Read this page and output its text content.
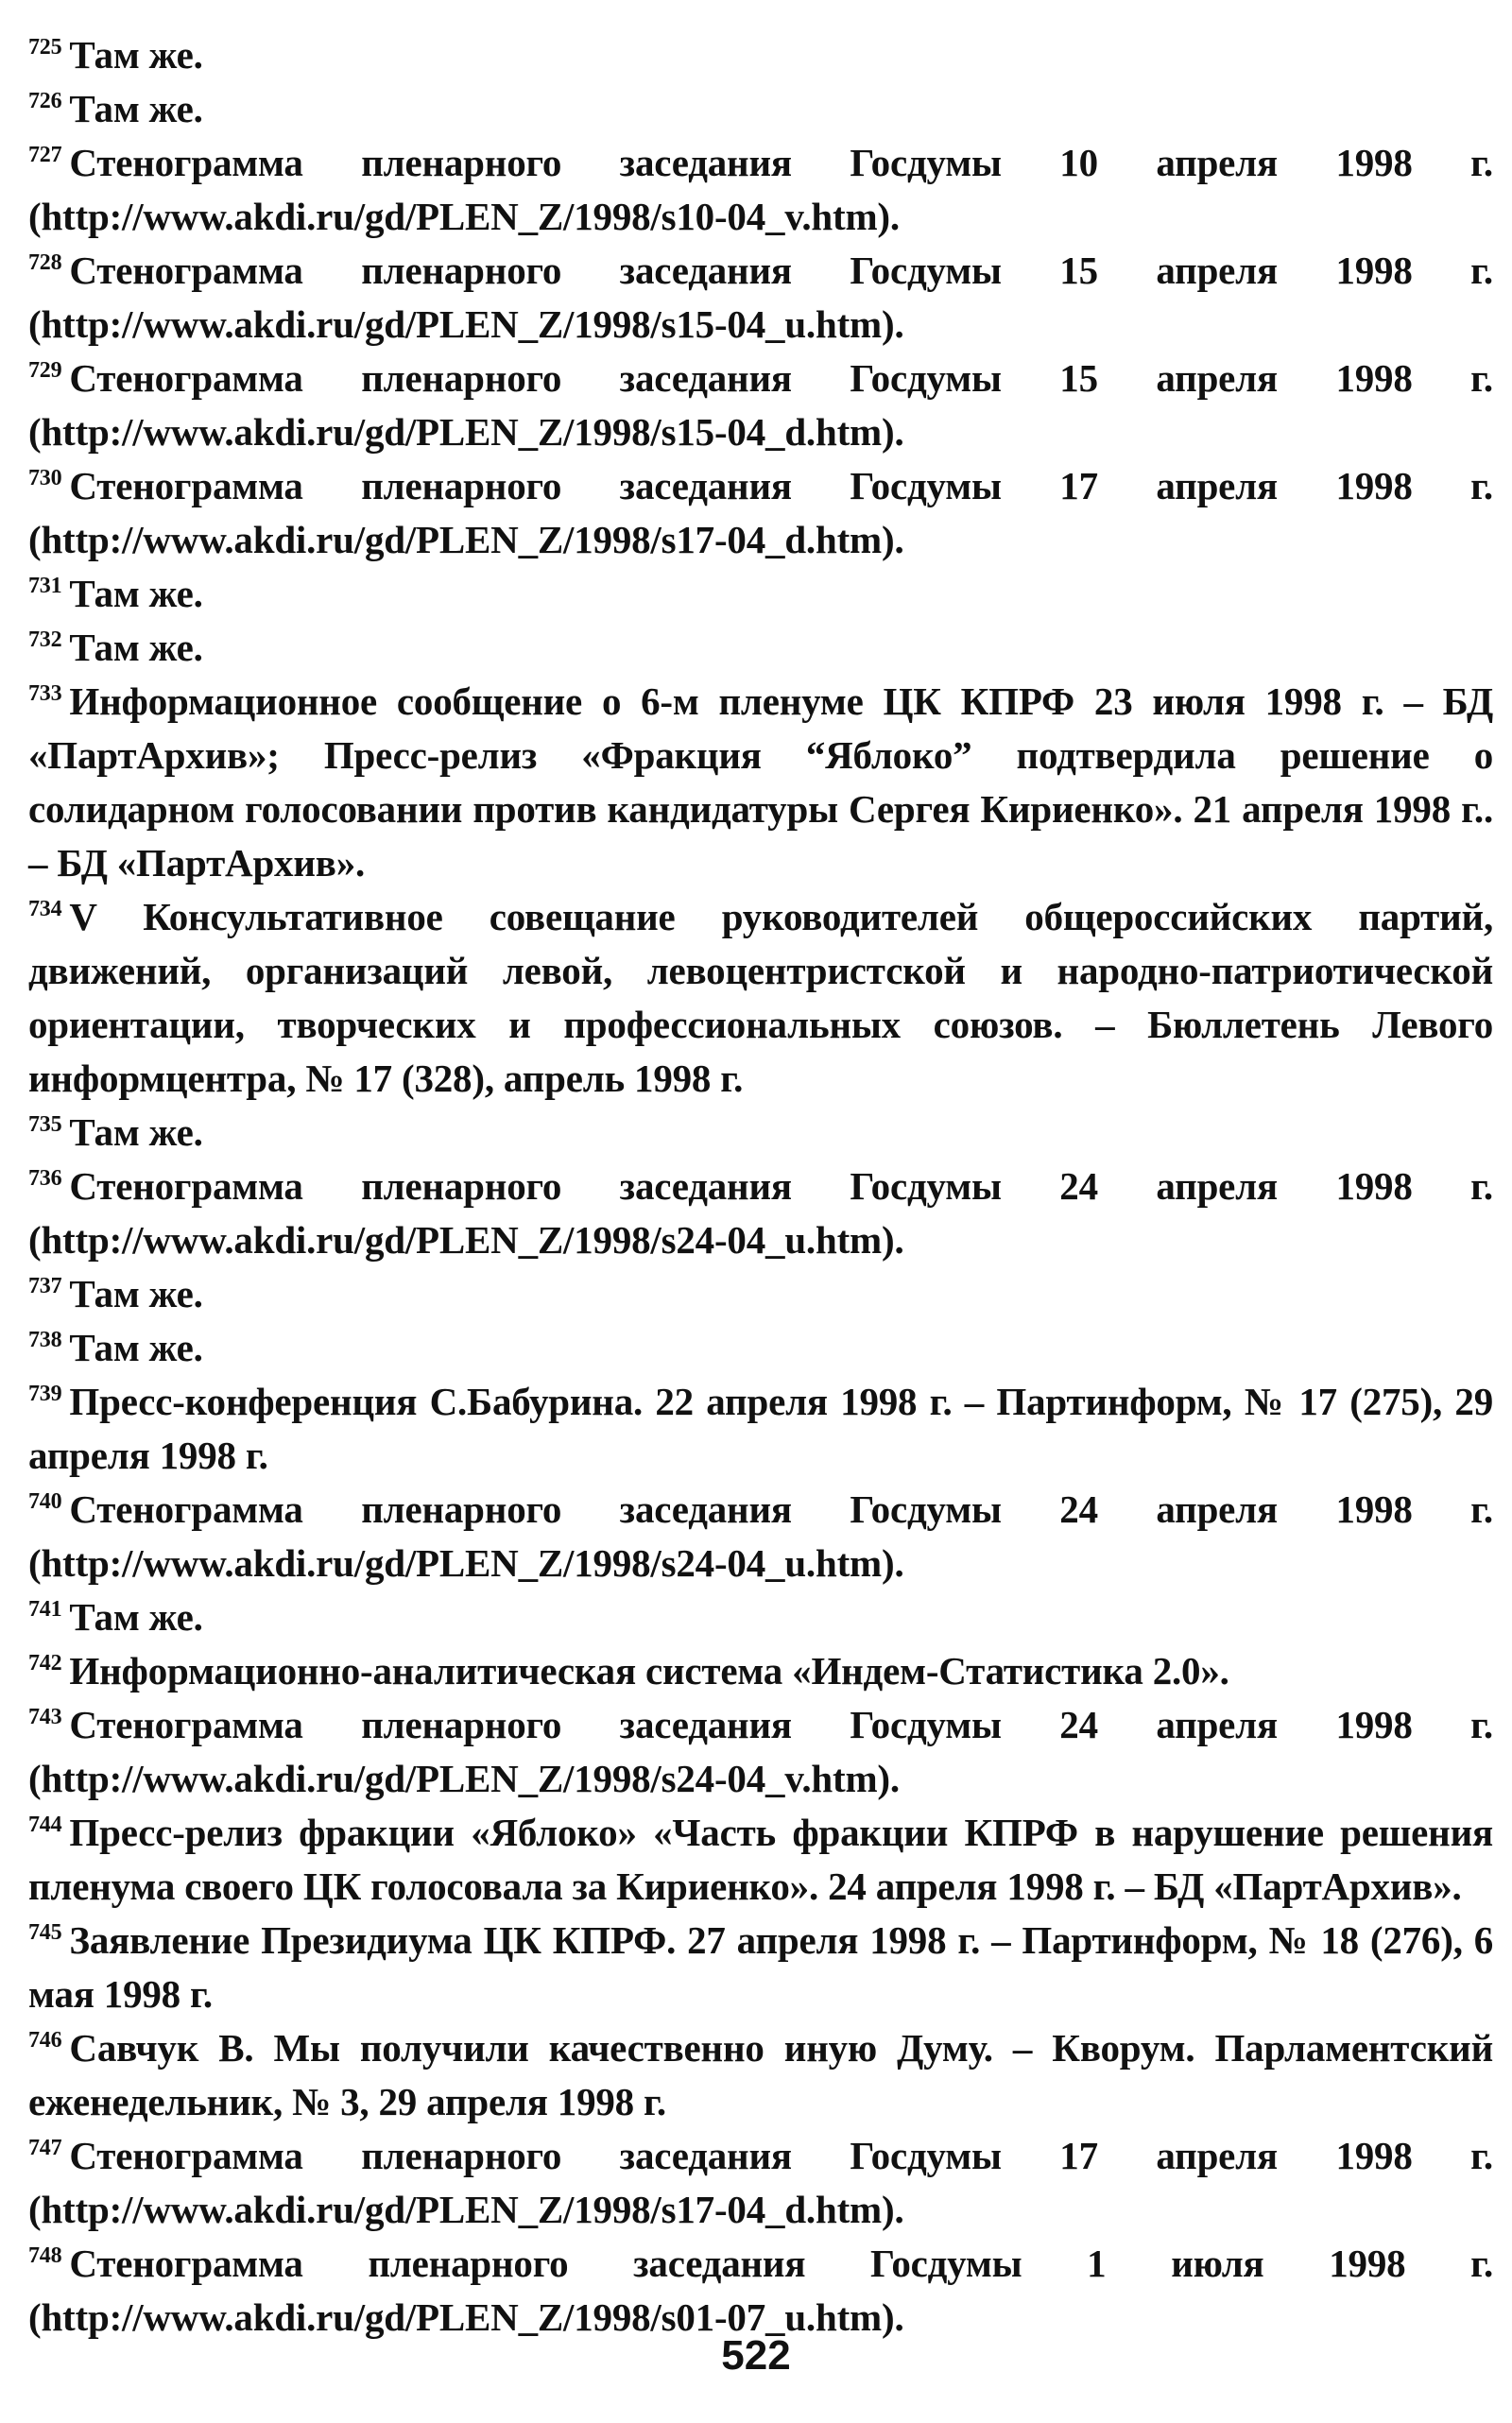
$^{725}$ Там же.

$^{726}$ Там же.

$^{727}$ Стенограмма пленарного заседания Госдумы 10 апреля 1998 г. (http://www.akdi.ru/gd/PLEN_Z/1998/s10-04_v.htm).

$^{728}$ Стенограмма пленарного заседания Госдумы 15 апреля 1998 г. (http://www.akdi.ru/gd/PLEN_Z/1998/s15-04_u.htm).

$^{729}$ Стенограмма пленарного заседания Госдумы 15 апреля 1998 г. (http://www.akdi.ru/gd/PLEN_Z/1998/s15-04_d.htm).

$^{730}$ Стенограмма пленарного заседания Госдумы 17 апреля 1998 г. (http://www.akdi.ru/gd/PLEN_Z/1998/s17-04_d.htm).

$^{731}$ Там же.

$^{732}$ Там же.

$^{733}$ Информационное сообщение о 6-м пленуме ЦК КПРФ 23 июля 1998 г. – БД «ПартАрхив»; Пресс-релиз «Фракция “Яблоко” подтвердила решение о солидарном голосовании против кандидатуры Сергея Кириенко». 21 апреля 1998 г.. – БД «ПартАрхив».

$^{734}$ V Консультативное совещание руководителей общероссийских партий, движений, организаций левой, левоцентристской и народно-патриотической ориентации, творческих и профессиональных союзов. – Бюллетень Левого информцентра, № 17 (328), апрель 1998 г.

$^{735}$ Там же.

$^{736}$ Стенограмма пленарного заседания Госдумы 24 апреля 1998 г. (http://www.akdi.ru/gd/PLEN_Z/1998/s24-04_u.htm).

$^{737}$ Там же.

$^{738}$ Там же.

$^{739}$ Пресс-конференция С.Бабурина. 22 апреля 1998 г. – Партинформ, № 17 (275), 29 апреля 1998 г.

$^{740}$ Стенограмма пленарного заседания Госдумы 24 апреля 1998 г. (http://www.akdi.ru/gd/PLEN_Z/1998/s24-04_u.htm).

$^{741}$ Там же.

$^{742}$ Информационно-аналитическая система «Индем-Статистика 2.0».

$^{743}$ Стенограмма пленарного заседания Госдумы 24 апреля 1998 г. (http://www.akdi.ru/gd/PLEN_Z/1998/s24-04_v.htm).

$^{744}$ Пресс-релиз фракции «Яблоко» «Часть фракции КПРФ в нарушение решения пленума своего ЦК голосовала за Кириенко». 24 апреля 1998 г. – БД «ПартАрхив».

$^{745}$ Заявление Президиума ЦК КПРФ. 27 апреля 1998 г. – Партинформ, № 18 (276), 6 мая 1998 г.

$^{746}$ Савчук В. Мы получили качественно иную Думу. – Кворум. Парламентский еженедельник, № 3, 29 апреля 1998 г.

$^{747}$ Стенограмма пленарного заседания Госдумы 17 апреля 1998 г. (http://www.akdi.ru/gd/PLEN_Z/1998/s17-04_d.htm).

$^{748}$ Стенограмма пленарного заседания Госдумы 1 июля 1998 г. (http://www.akdi.ru/gd/PLEN_Z/1998/s01-07_u.htm).

522
